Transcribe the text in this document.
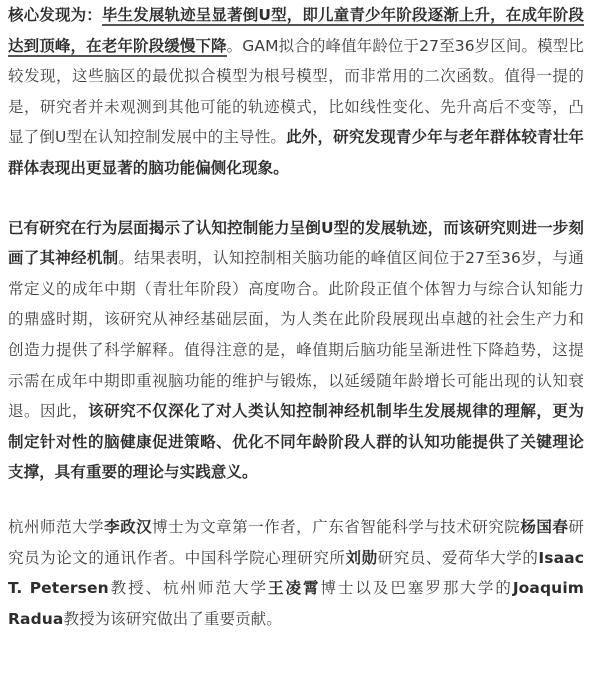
核心发现为：毕生发展轨迹呈显著倒U型，即儿童青少年阶段逐渐上升，在成年阶段达到顶峰，在老年阶段缓慢下降。GAM拟合的峰值年龄位于27至36岁区间。模型比较发现，这些脑区的最优拟合模型为根号模型，而非常用的二次函数。值得一提的是，研究者并未观测到其他可能的轨迹模式，比如线性变化、先升高后不变等，凸显了倒U型在认知控制发展中的主导性。此外，研究发现青少年与老年群体较青壮年群体表现出更显著的脑功能偏侧化现象。

已有研究在行为层面揭示了认知控制能力呈倒U型的发展轨迹，而该研究则进一步刻画了其神经机制。结果表明，认知控制相关脑功能的峰值区间位于27至36岁，与通常定义的成年中期（青壮年阶段）高度吻合。此阶段正值个体智力与综合认知能力的鼎盛时期，该研究从神经基础层面，为人类在此阶段展现出卓越的社会生产力和创造力提供了科学解释。值得注意的是，峰值期后脑功能呈渐进性下降趋势，这提示需在成年中期即重视脑功能的维护与锻炼，以延缓随年龄增长可能出现的认知衰退。因此，该研究不仅深化了对人类认知控制神经机制毕生发展规律的理解，更为制定针对性的脑健康促进策略、优化不同年龄阶段人群的认知功能提供了关键理论支撑，具有重要的理论与实践意义。

杭州师范大学李政汉博士为文章第一作者，广东省智能科学与技术研究院杨国春研究员为论文的通讯作者。中国科学院心理研究所刘勋研究员、爱荷华大学的Isaac T. Petersen教授、杭州师范大学王凌霄博士以及巴塞罗那大学的Joaquim Radua教授为该研究做出了重要贡献。
